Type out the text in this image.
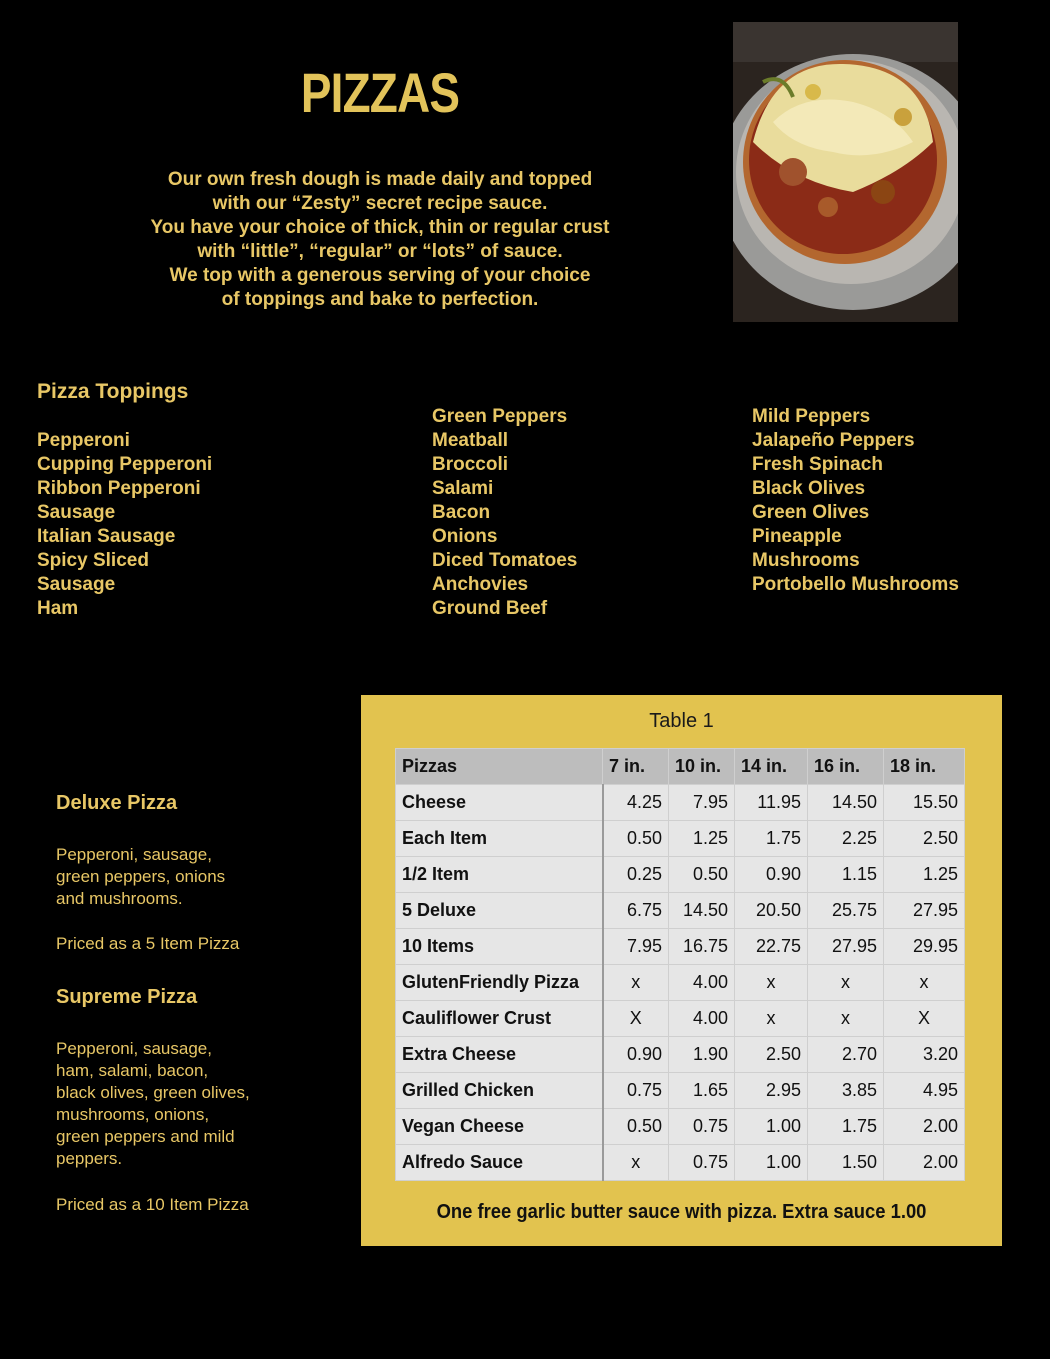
PIZZAS
Our own fresh dough is made daily and topped
with our “Zesty” secret recipe sauce.
You have your choice of thick, thin or regular crust
with “little”, “regular” or “lots” of sauce.
We top with a generous serving of your choice
of toppings and bake to perfection.
Pizza Toppings
Pepperoni
Cupping Pepperoni
Ribbon Pepperoni
Sausage
Italian Sausage
Spicy Sliced
Sausage
Ham
Green Peppers
Meatball
Broccoli
Salami
Bacon
Onions
Diced Tomatoes
Anchovies
Ground Beef
Mild Peppers
Jalapeño Peppers
Fresh Spinach
Black Olives
Green Olives
Pineapple
Mushrooms
Portobello Mushrooms
Deluxe Pizza
Pepperoni, sausage,
green peppers, onions
and mushrooms.
Priced as a 5 Item Pizza
Supreme Pizza
Pepperoni, sausage,
ham, salami, bacon,
black olives, green olives,
mushrooms, onions,
green peppers and mild
peppers.
Priced as a 10 Item Pizza
Table 1
Pizzas	7 in.	10 in.	14 in.	16 in.	18 in.
Cheese	4.25	7.95	11.95	14.50	15.50
Each Item	0.50	1.25	1.75	2.25	2.50
1/2 Item	0.25	0.50	0.90	1.15	1.25
5 Deluxe	6.75	14.50	20.50	25.75	27.95
10 Items	7.95	16.75	22.75	27.95	29.95
GlutenFriendly Pizza	x	4.00	x	x	x
Cauliflower Crust	X	4.00	x	x	X
Extra Cheese	0.90	1.90	2.50	2.70	3.20
Grilled Chicken	0.75	1.65	2.95	3.85	4.95
Vegan Cheese	0.50	0.75	1.00	1.75	2.00
Alfredo Sauce	x	0.75	1.00	1.50	2.00
One free garlic butter sauce with pizza. Extra sauce 1.00
